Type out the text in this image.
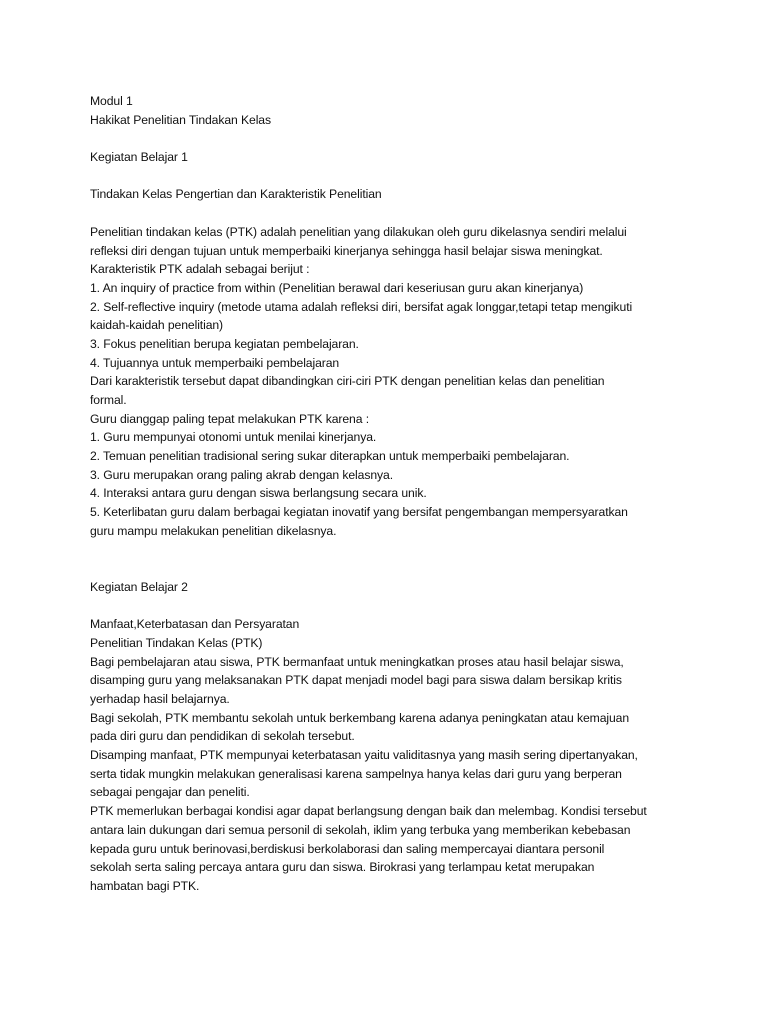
Modul 1
Hakikat Penelitian Tindakan Kelas
Kegiatan Belajar 1
Tindakan Kelas Pengertian dan Karakteristik Penelitian
Penelitian tindakan kelas (PTK) adalah penelitian yang dilakukan oleh guru dikelasnya sendiri melalui
refleksi diri dengan tujuan untuk memperbaiki kinerjanya sehingga hasil belajar siswa meningkat.
Karakteristik PTK adalah sebagai berijut :
1. An inquiry of practice from within (Penelitian berawal dari keseriusan guru akan kinerjanya)
2. Self-reflective inquiry (metode utama adalah refleksi diri, bersifat agak longgar,tetapi tetap mengikuti
kaidah-kaidah penelitian)
3. Fokus penelitian berupa kegiatan pembelajaran.
4. Tujuannya untuk memperbaiki pembelajaran
Dari karakteristik tersebut dapat dibandingkan ciri-ciri PTK dengan penelitian kelas dan penelitian
formal.
Guru dianggap paling tepat melakukan PTK karena :
1. Guru mempunyai otonomi untuk menilai kinerjanya.
2. Temuan penelitian tradisional sering sukar diterapkan untuk memperbaiki pembelajaran.
3. Guru merupakan orang paling akrab dengan kelasnya.
4. Interaksi antara guru dengan siswa berlangsung secara unik.
5. Keterlibatan guru dalam berbagai kegiatan inovatif yang bersifat pengembangan mempersyaratkan
guru mampu melakukan penelitian dikelasnya.
Kegiatan Belajar 2
Manfaat,Keterbatasan dan Persyaratan
Penelitian Tindakan Kelas (PTK)
Bagi pembelajaran atau siswa, PTK bermanfaat untuk meningkatkan proses atau hasil belajar siswa,
disamping guru yang melaksanakan PTK dapat menjadi model bagi para siswa dalam bersikap kritis
yerhadap hasil belajarnya.
Bagi sekolah, PTK membantu sekolah untuk berkembang karena adanya peningkatan atau kemajuan
pada diri guru dan pendidikan di sekolah tersebut.
Disamping manfaat, PTK mempunyai keterbatasan yaitu validitasnya yang masih sering dipertanyakan,
serta tidak mungkin melakukan generalisasi karena sampelnya hanya kelas dari guru yang berperan
sebagai pengajar dan peneliti.
PTK memerlukan berbagai kondisi agar dapat berlangsung dengan baik dan melembag. Kondisi tersebut
antara lain dukungan dari semua personil di sekolah, iklim yang terbuka yang memberikan kebebasan
kepada guru untuk berinovasi,berdiskusi berkolaborasi dan saling mempercayai diantara personil
sekolah serta saling percaya antara guru dan siswa. Birokrasi yang terlampau ketat merupakan
hambatan bagi PTK.
